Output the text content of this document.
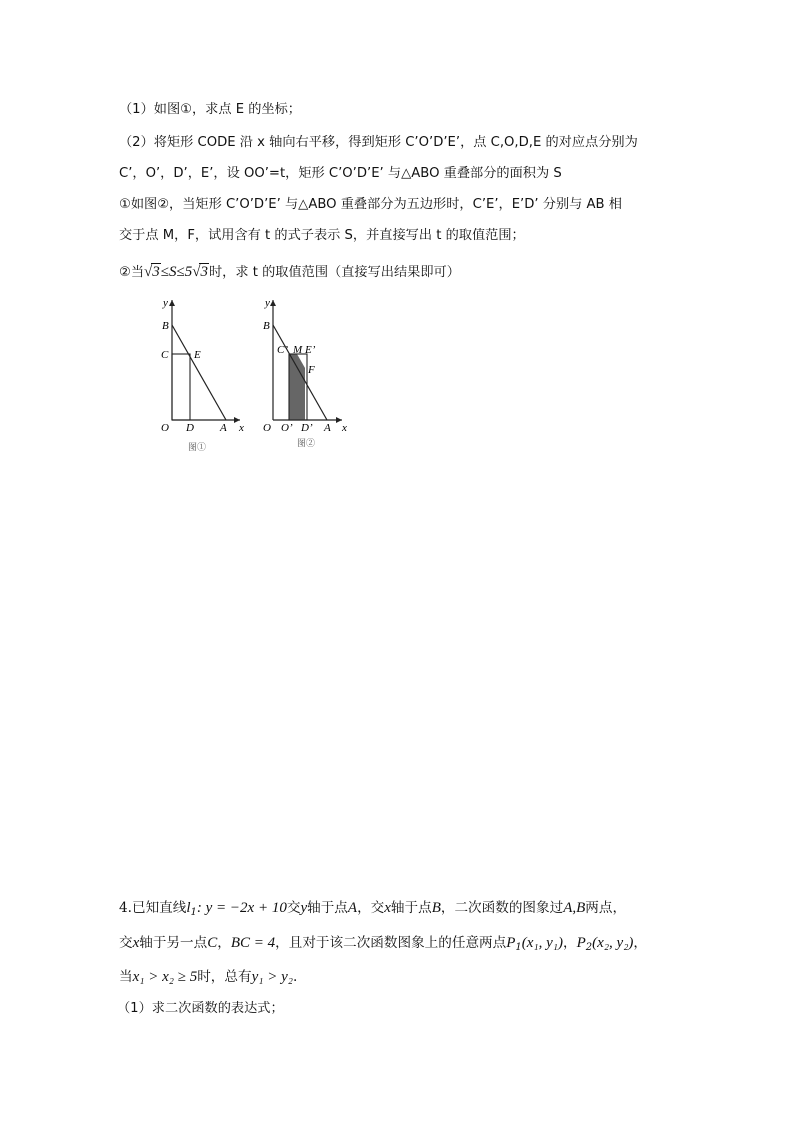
（1）如图①，求点 E 的坐标；
（2）将矩形 CODE 沿 x 轴向右平移，得到矩形 C’O’D’E’，点 C,O,D,E 的对应点分别为
C’，O’，D’，E’，设 OO’=t，矩形 C’O’D’E’ 与△ABO 重叠部分的面积为 S
①如图②，当矩形 C’O’D’E’ 与△ABO 重叠部分为五边形时，C’E’，E’D’ 分别与 AB 相
交于点 M，F，试用含有 t 的式子表示 S，并直接写出 t 的取值范围；
②当√3≤S≤5√3时，求 t 的取值范围（直接写出结果即可）
y
B
C E
O D A x
图①
y
B
C’ M E’
F
O O’ D’ A x
图②
4.已知直线$l_1$: y = −2x + 10交y轴于点A，交x轴于点B，二次函数的图象过A,B两点，
交x轴于另一点C，BC = 4，且对于该二次函数图象上的任意两点$P_1(x_1$, y₁)，$P_2(x_2$, y₂)，
当x₁ > x₂ ≥ 5时，总有y₁ > y₂.
（1）求二次函数的表达式；
